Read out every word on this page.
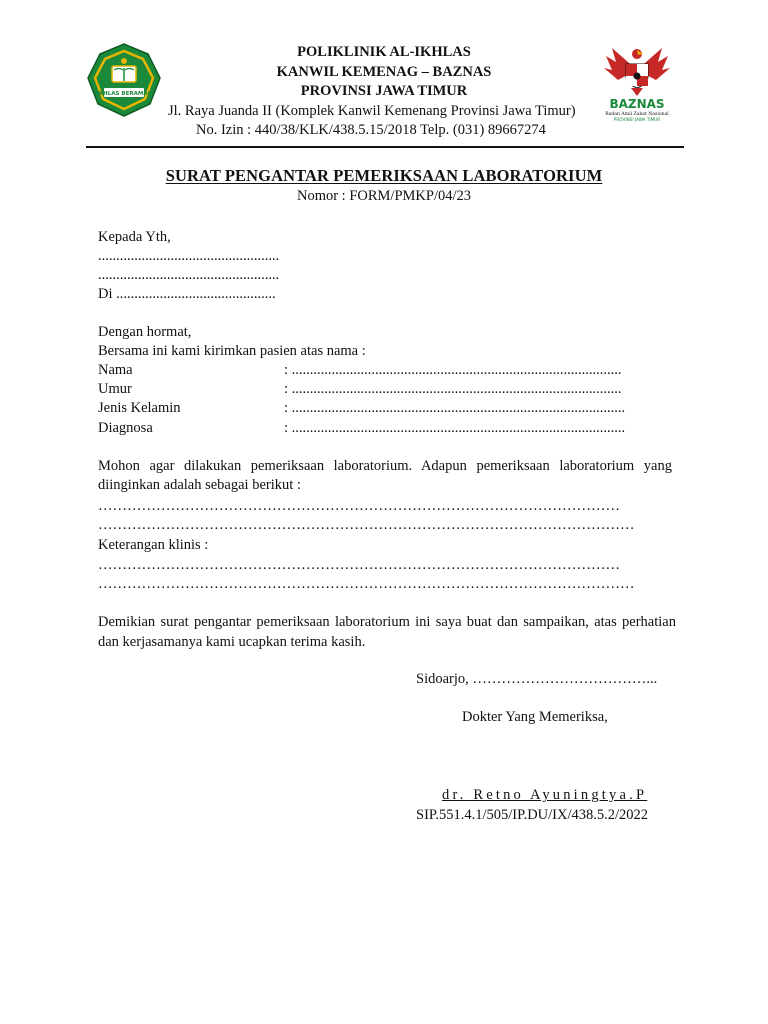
IKHLAS BERAMAL
BAZNAS
Badan Amil Zakat Nasional
PROVINSI JAWA TIMUR
POLIKLINIK AL-IKHLAS
KANWIL KEMENAG – BAZNAS
PROVINSI JAWA TIMUR
Jl. Raya Juanda II (Komplek Kanwil Kemenang Provinsi Jawa Timur)
No. Izin : 440/38/KLK/438.5.15/2018 Telp. (031) 89667274
SURAT PENGANTAR PEMERIKSAAN LABORATORIUM
Nomor : FORM/PMKP/04/23
Kepada Yth,
..................................................
..................................................
Di ............................................
Dengan hormat,
Bersama ini kami kirimkan pasien atas nama :
Nama	: ...........................................................................................
Umur	: ...........................................................................................
Jenis Kelamin	: ............................................................................................
Diagnosa	: ............................................................................................
Mohon agar dilakukan pemeriksaan laboratorium. Adapun pemeriksaan laboratorium yang diinginkan adalah sebagai berikut :
………………………………………………………………………………………………
…………………………………………………………………………………………………
Keterangan klinis :
………………………………………………………………………………………………
…………………………………………………………………………………………………
Demikian surat pengantar pemeriksaan laboratorium ini saya buat dan sampaikan, atas perhatian dan kerjasamanya kami ucapkan terima kasih.
Sidoarjo, ………………………………...
Dokter Yang Memeriksa,
dr. Retno Ayuningtya.P
SIP.551.4.1/505/IP.DU/IX/438.5.2/2022
